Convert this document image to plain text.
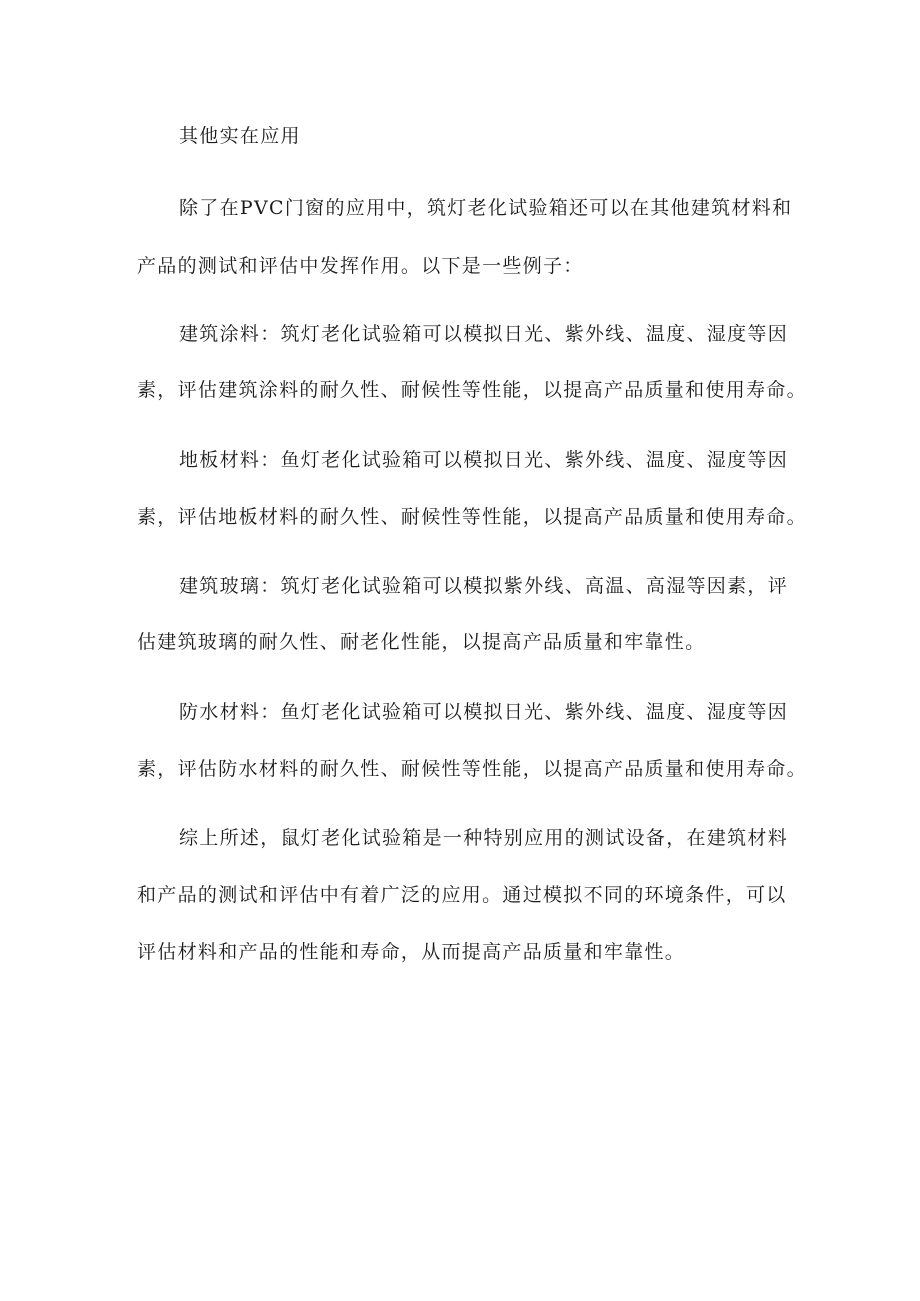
其他实在应用

除了在PVC门窗的应用中，筑灯老化试验箱还可以在其他建筑材料和

产品的测试和评估中发挥作用。以下是一些例子：

建筑涂料：筑灯老化试验箱可以模拟日光、紫外线、温度、湿度等因

素，评估建筑涂料的耐久性、耐候性等性能，以提高产品质量和使用寿命。

地板材料：鱼灯老化试验箱可以模拟日光、紫外线、温度、湿度等因

素，评估地板材料的耐久性、耐候性等性能，以提高产品质量和使用寿命。

建筑玻璃：筑灯老化试验箱可以模拟紫外线、高温、高湿等因素，评

估建筑玻璃的耐久性、耐老化性能，以提高产品质量和牢靠性。

防水材料：鱼灯老化试验箱可以模拟日光、紫外线、温度、湿度等因

素，评估防水材料的耐久性、耐候性等性能，以提高产品质量和使用寿命。

综上所述，鼠灯老化试验箱是一种特别应用的测试设备，在建筑材料

和产品的测试和评估中有着广泛的应用。通过模拟不同的环境条件，可以

评估材料和产品的性能和寿命，从而提高产品质量和牢靠性。
